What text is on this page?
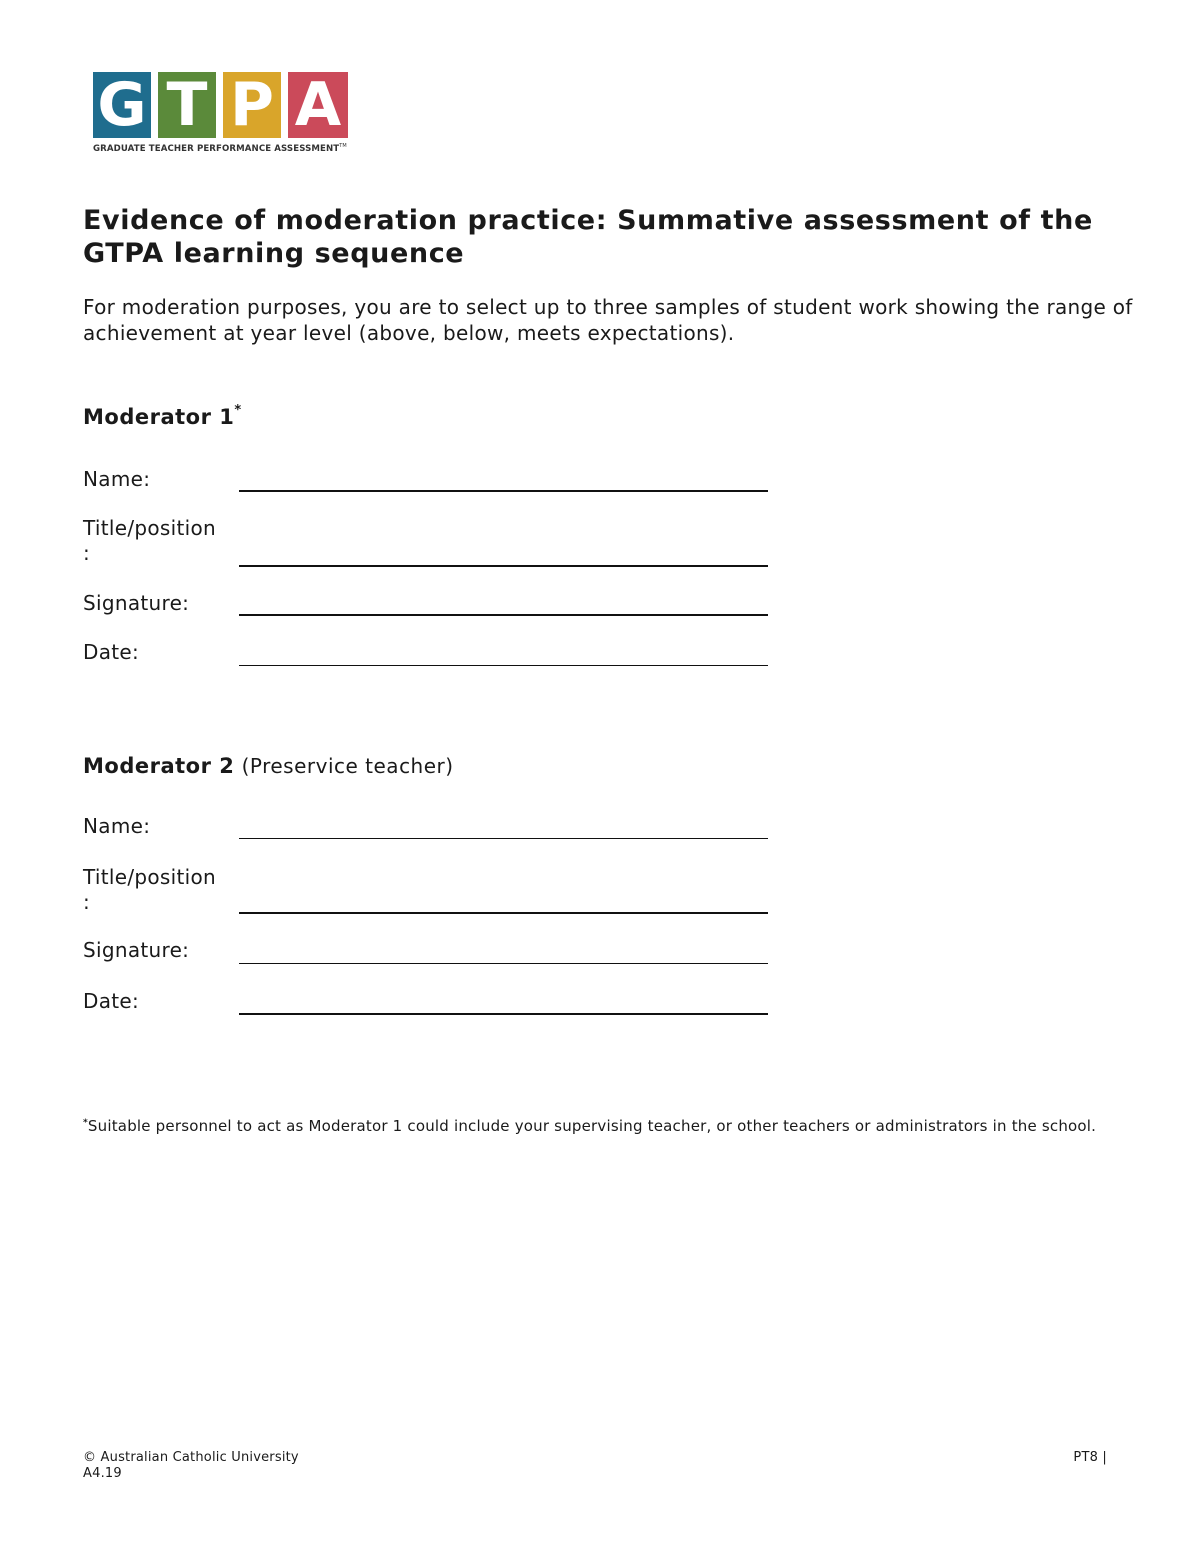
G T P A
GRADUATE TEACHER PERFORMANCE ASSESSMENT™
Evidence of moderation practice: Summative assessment of the GTPA learning sequence
For moderation purposes, you are to select up to three samples of student work showing the range of achievement at year level (above, below, meets expectations).
Moderator 1*
Name:
Title/position
:
Signature:
Date:
Moderator 2 (Preservice teacher)
Name:
Title/position
:
Signature:
Date:
*Suitable personnel to act as Moderator 1 could include your supervising teacher, or other teachers or administrators in the school.
© Australian Catholic University
A4.19
PT8 |
